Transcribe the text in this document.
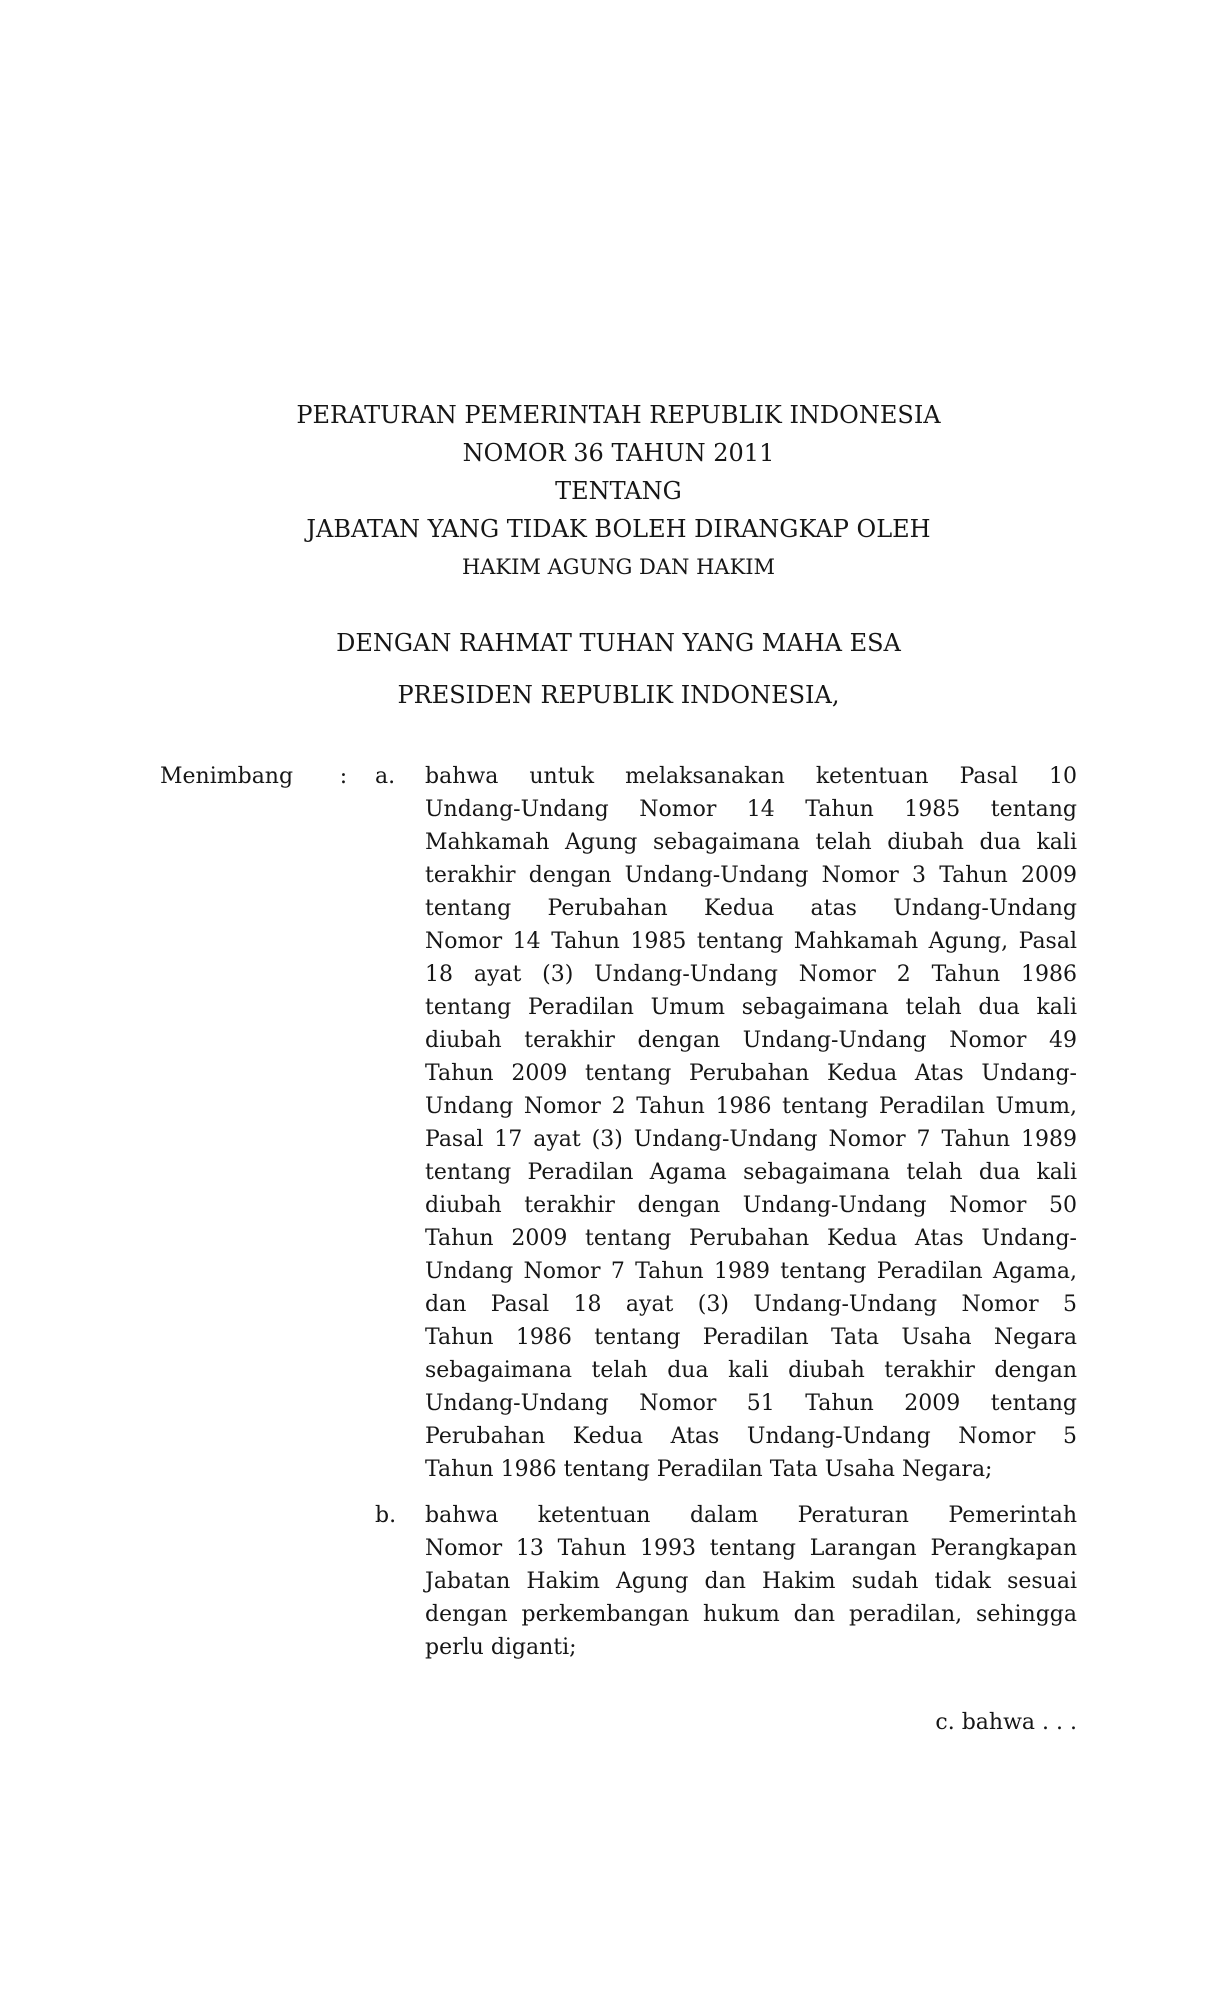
PERATURAN PEMERINTAH REPUBLIK INDONESIA
NOMOR 36 TAHUN 2011
TENTANG
JABATAN YANG TIDAK BOLEH DIRANGKAP OLEH
HAKIM AGUNG DAN HAKIM
DENGAN RAHMAT TUHAN YANG MAHA ESA
PRESIDEN REPUBLIK INDONESIA,
Menimbang	:	a.	bahwa untuk melaksanakan ketentuan Pasal 10
Undang-Undang Nomor 14 Tahun 1985 tentang
Mahkamah Agung sebagaimana telah diubah dua kali
terakhir dengan Undang-Undang Nomor 3 Tahun 2009
tentang Perubahan Kedua atas Undang-Undang
Nomor 14 Tahun 1985 tentang Mahkamah Agung, Pasal
18 ayat (3) Undang-Undang Nomor 2 Tahun 1986
tentang Peradilan Umum sebagaimana telah dua kali
diubah terakhir dengan Undang-Undang Nomor 49
Tahun 2009 tentang Perubahan Kedua Atas Undang-
Undang Nomor 2 Tahun 1986 tentang Peradilan Umum,
Pasal 17 ayat (3) Undang-Undang Nomor 7 Tahun 1989
tentang Peradilan Agama sebagaimana telah dua kali
diubah terakhir dengan Undang-Undang Nomor 50
Tahun 2009 tentang Perubahan Kedua Atas Undang-
Undang Nomor 7 Tahun 1989 tentang Peradilan Agama,
dan Pasal 18 ayat (3) Undang-Undang Nomor 5
Tahun 1986 tentang Peradilan Tata Usaha Negara
sebagaimana telah dua kali diubah terakhir dengan
Undang-Undang Nomor 51 Tahun 2009 tentang
Perubahan Kedua Atas Undang-Undang Nomor 5
Tahun 1986 tentang Peradilan Tata Usaha Negara;
b.	bahwa ketentuan dalam Peraturan Pemerintah
Nomor 13 Tahun 1993 tentang Larangan Perangkapan
Jabatan Hakim Agung dan Hakim sudah tidak sesuai
dengan perkembangan hukum dan peradilan, sehingga
perlu diganti;
c. bahwa . . .
